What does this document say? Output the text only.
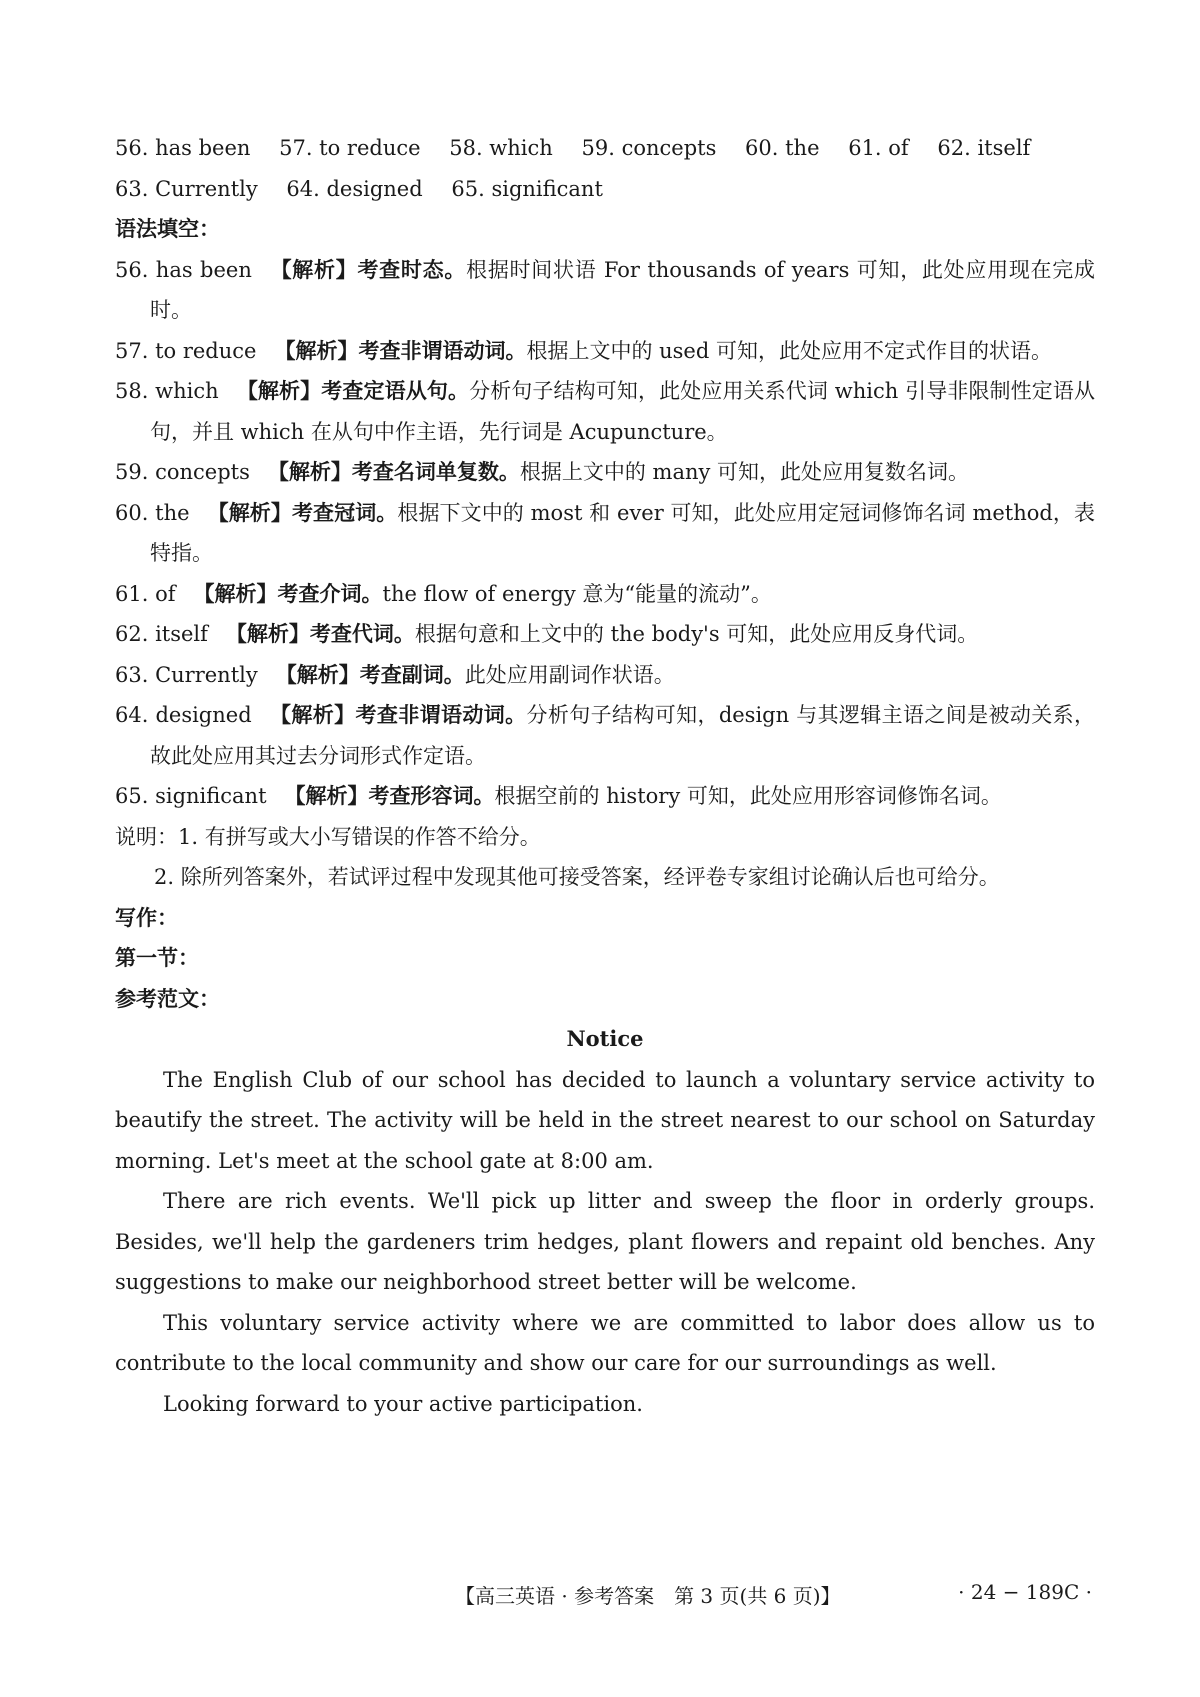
56. has been 57. to reduce 58. which 59. concepts 60. the 61. of 62. itself
63. Currently 64. designed 65. significant
语法填空：
56. has been 【解析】考查时态。根据时间状语 For thousands of years 可知，此处应用现在完成时。
57. to reduce 【解析】考查非谓语动词。根据上文中的 used 可知，此处应用不定式作目的状语。
58. which 【解析】考查定语从句。分析句子结构可知，此处应用关系代词 which 引导非限制性定语从句，并且 which 在从句中作主语，先行词是 Acupuncture。
59. concepts 【解析】考查名词单复数。根据上文中的 many 可知，此处应用复数名词。
60. the 【解析】考查冠词。根据下文中的 most 和 ever 可知，此处应用定冠词修饰名词 method，表特指。
61. of 【解析】考查介词。the flow of energy 意为“能量的流动”。
62. itself 【解析】考查代词。根据句意和上文中的 the body's 可知，此处应用反身代词。
63. Currently 【解析】考查副词。此处应用副词作状语。
64. designed 【解析】考查非谓语动词。分析句子结构可知，design 与其逻辑主语之间是被动关系，故此处应用其过去分词形式作定语。
65. significant 【解析】考查形容词。根据空前的 history 可知，此处应用形容词修饰名词。
说明： 1. 有拼写或大小写错误的作答不给分。
2. 除所列答案外，若试评过程中发现其他可接受答案，经评卷专家组讨论确认后也可给分。
写作：
第一节：
参考范文：
Notice
The English Club of our school has decided to launch a voluntary service activity to beautify the street. The activity will be held in the street nearest to our school on Saturday morning. Let's meet at the school gate at 8:00 am.
There are rich events. We'll pick up litter and sweep the floor in orderly groups. Besides, we'll help the gardeners trim hedges, plant flowers and repaint old benches. Any suggestions to make our neighborhood street better will be welcome.
This voluntary service activity where we are committed to labor does allow us to contribute to the local community and show our care for our surroundings as well.
Looking forward to your active participation.
【高三英语 · 参考答案　第 3 页(共 6 页)】	· 24 − 189C ·
